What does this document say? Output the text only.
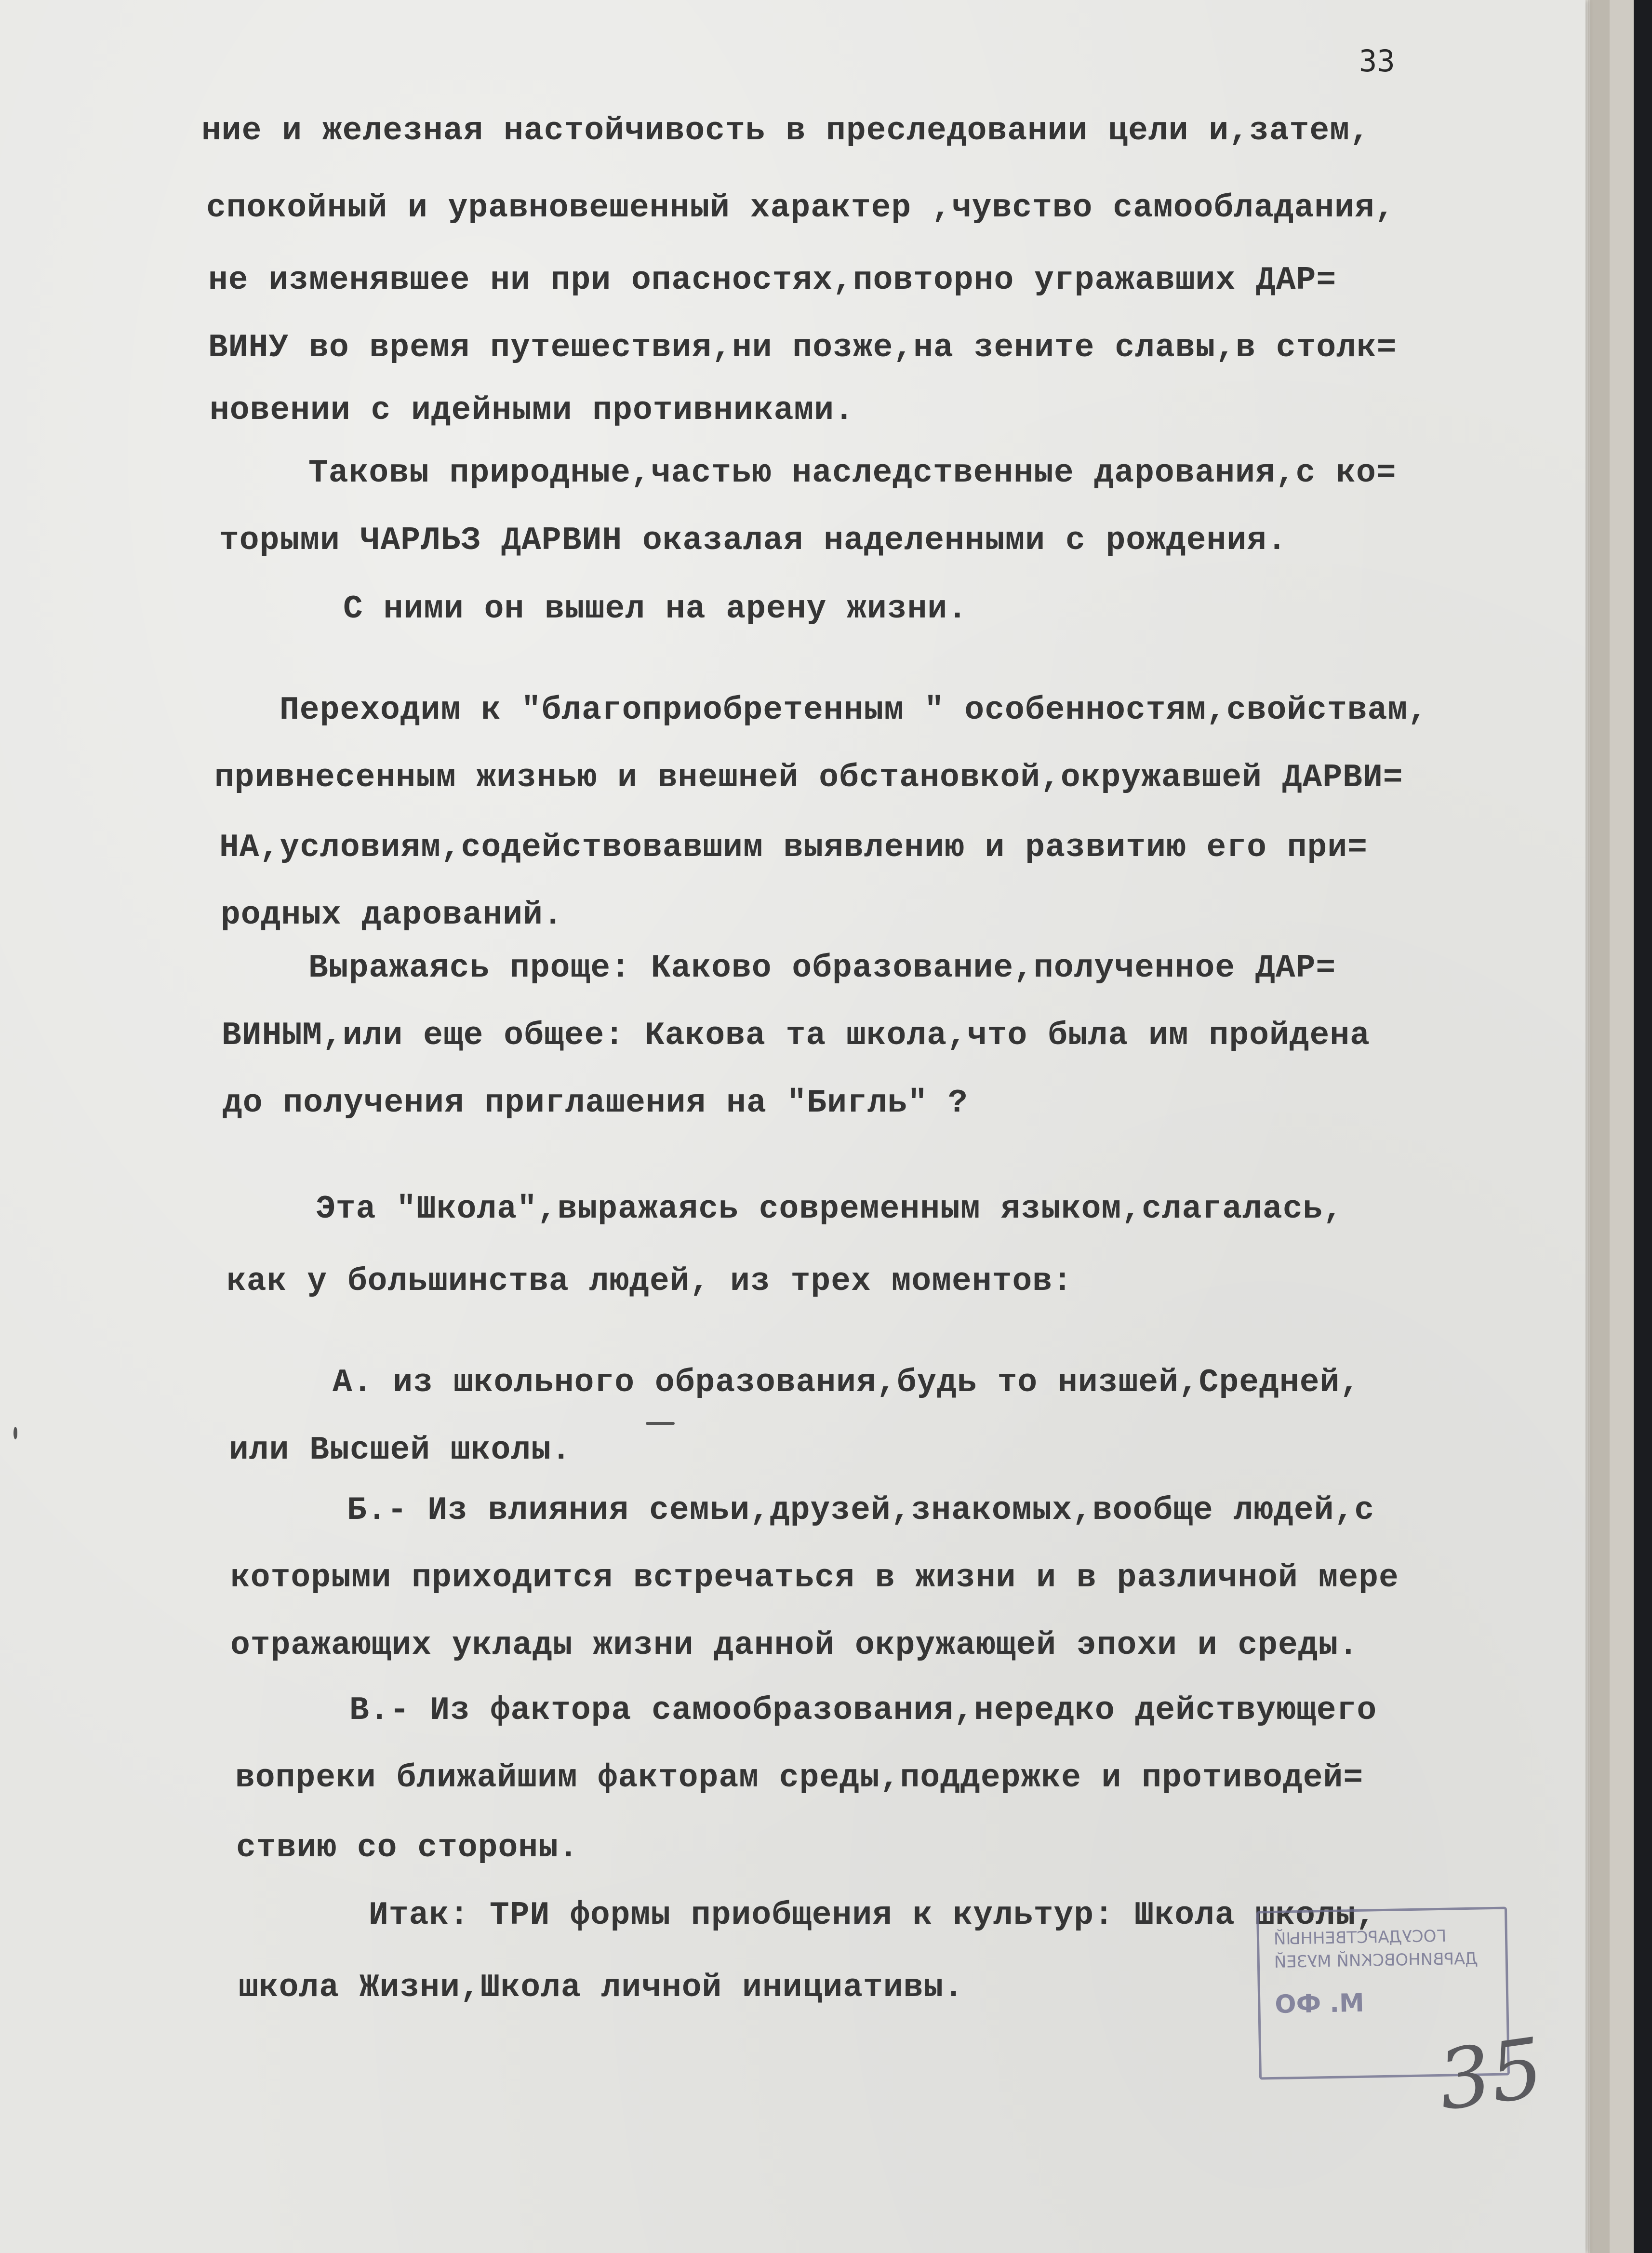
33
ние и железная настойчивость в преследовании цели и,затем,
спокойный и уравновешенный характер ,чувство самообладания,
не изменявшее ни при опасностях,повторно угражавших ДАР=
ВИНУ во время путешествия,ни позже,на зените славы,в столк=
новении с идейными противниками.
Таковы природные,частью наследственные дарования,с ко=
торыми ЧАРЛЬЗ ДАРВИН оказалая наделенными с рождения.
С ними он вышел на арену жизни.
Переходим к "благоприобретенным " особенностям,свойствам,
привнесенным жизнью и внешней обстановкой,окружавшей ДАРВИ=
НА,условиям,содействовавшим выявлению и развитию его при=
родных дарований.
Выражаясь проще: Каково образование,полученное ДАР=
ВИНЫМ,или еще общее: Какова та школа,что была им пройдена
до получения приглашения на "Бигль" ?
Эта "Школа",выражаясь современным языком,слагалась,
как у большинства людей, из трех моментов:
А. из школьного образования,будь то низшей,Средней,
или Высшей школы.
Б.- Из влияния семьи,друзей,знакомых,вообще людей,с
которыми приходится встречаться в жизни и в различной мере
отражающих уклады жизни данной окружающей эпохи и среды.
В.- Из фактора самообразования,нередко действующего
вопреки ближайшим факторам среды,поддержке и противодей=
ствию со стороны.
Итак: ТРИ формы приобщения к культур: Школа школы,
школа Жизни,Школа личной инициативы.
ГОСУДАРСТВЕННЫЙ
ДАРВИНОВСКИЙ МУЗЕЙ
М. ФО
35
